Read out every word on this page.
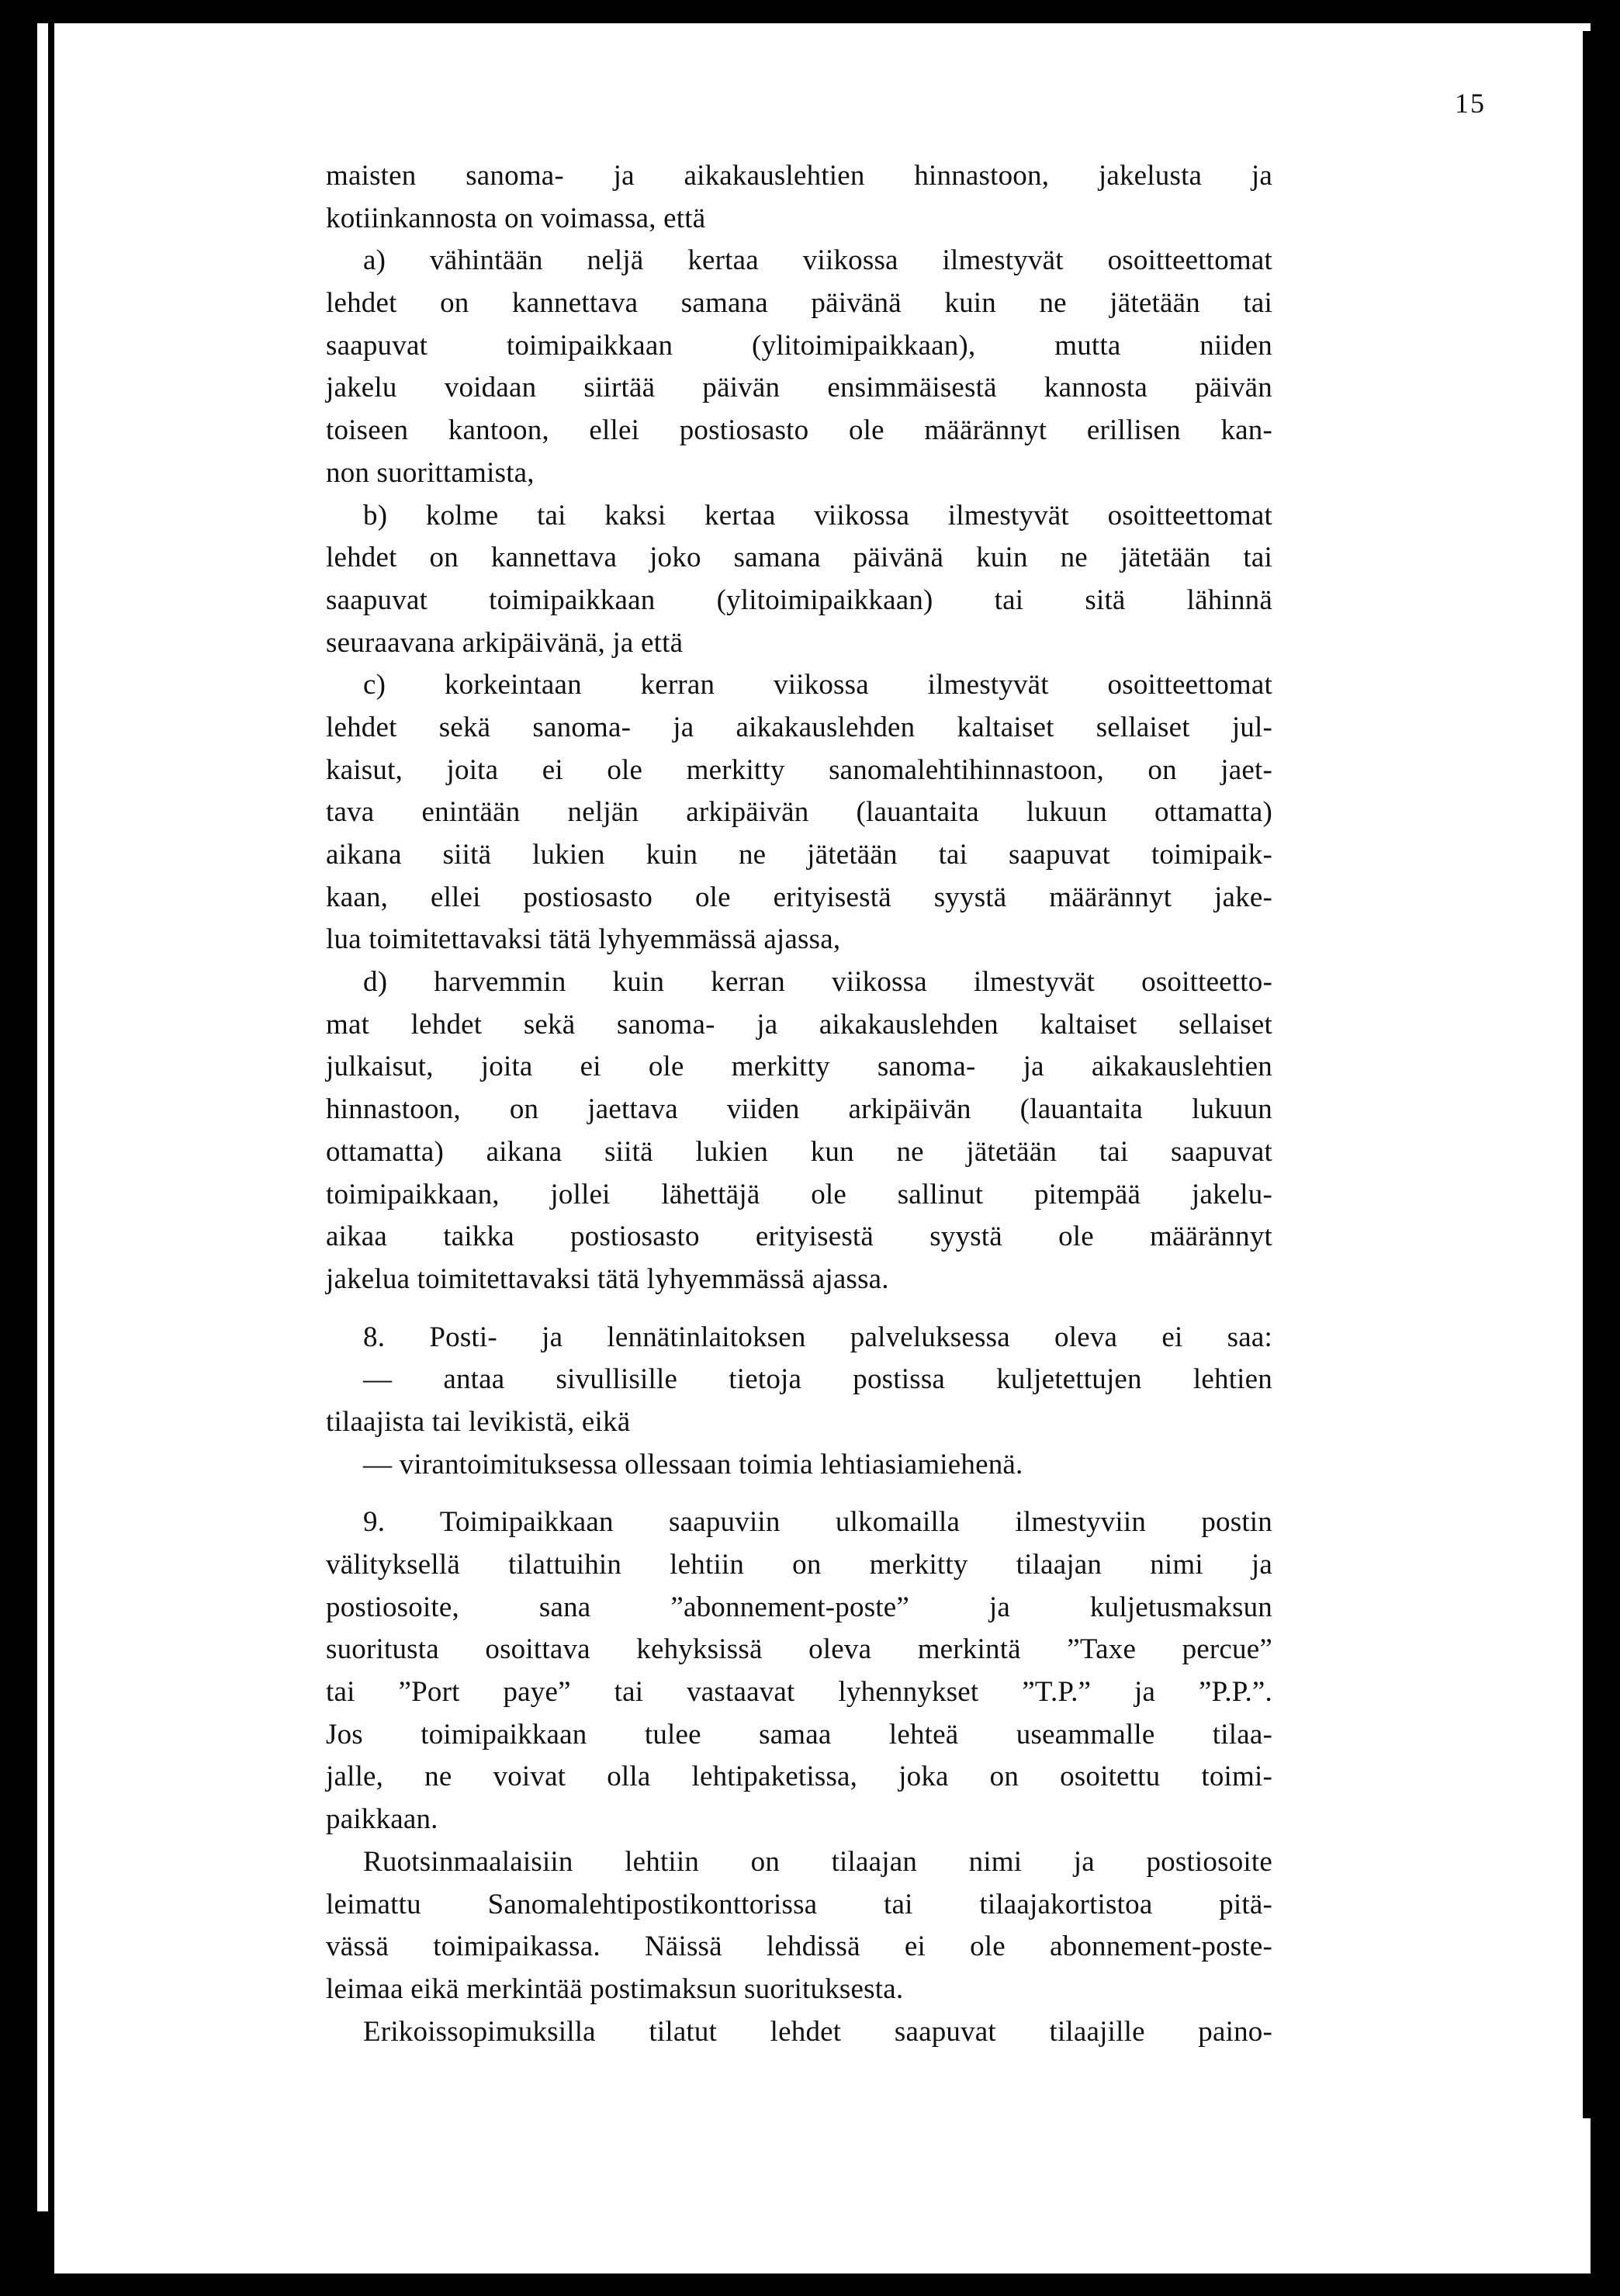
15
maisten sanoma- ja aikakauslehtien hinnastoon, jakelusta ja
kotiinkannosta on voimassa, että
a) vähintään neljä kertaa viikossa ilmestyvät osoitteettomat
lehdet on kannettava samana päivänä kuin ne jätetään tai
saapuvat toimipaikkaan (ylitoimipaikkaan), mutta niiden
jakelu voidaan siirtää päivän ensimmäisestä kannosta päivän
toiseen kantoon, ellei postiosasto ole määrännyt erillisen kan-
non suorittamista,
b) kolme tai kaksi kertaa viikossa ilmestyvät osoitteettomat
lehdet on kannettava joko samana päivänä kuin ne jätetään tai
saapuvat toimipaikkaan (ylitoimipaikkaan) tai sitä lähinnä
seuraavana arkipäivänä, ja että
c) korkeintaan kerran viikossa ilmestyvät osoitteettomat
lehdet sekä sanoma- ja aikakauslehden kaltaiset sellaiset jul-
kaisut, joita ei ole merkitty sanomalehtihinnastoon, on jaet-
tava enintään neljän arkipäivän (lauantaita lukuun ottamatta)
aikana siitä lukien kuin ne jätetään tai saapuvat toimipaik-
kaan, ellei postiosasto ole erityisestä syystä määrännyt jake-
lua toimitettavaksi tätä lyhyemmässä ajassa,
d) harvemmin kuin kerran viikossa ilmestyvät osoitteetto-
mat lehdet sekä sanoma- ja aikakauslehden kaltaiset sellaiset
julkaisut, joita ei ole merkitty sanoma- ja aikakauslehtien
hinnastoon, on jaettava viiden arkipäivän (lauantaita lukuun
ottamatta) aikana siitä lukien kun ne jätetään tai saapuvat
toimipaikkaan, jollei lähettäjä ole sallinut pitempää jakelu-
aikaa taikka postiosasto erityisestä syystä ole määrännyt
jakelua toimitettavaksi tätä lyhyemmässä ajassa.
8. Posti- ja lennätinlaitoksen palveluksessa oleva ei saa:
— antaa sivullisille tietoja postissa kuljetettujen lehtien
tilaajista tai levikistä, eikä
— virantoimituksessa ollessaan toimia lehtiasiamiehenä.
9. Toimipaikkaan saapuviin ulkomailla ilmestyviin postin
välityksellä tilattuihin lehtiin on merkitty tilaajan nimi ja
postiosoite, sana ”abonnement-poste” ja kuljetusmaksun
suoritusta osoittava kehyksissä oleva merkintä ”Taxe percue”
tai ”Port paye” tai vastaavat lyhennykset ”T.P.” ja ”P.P.”.
Jos toimipaikkaan tulee samaa lehteä useammalle tilaa-
jalle, ne voivat olla lehtipaketissa, joka on osoitettu toimi-
paikkaan.
Ruotsinmaalaisiin lehtiin on tilaajan nimi ja postiosoite
leimattu Sanomalehtipostikonttorissa tai tilaajakortistoa pitä-
vässä toimipaikassa. Näissä lehdissä ei ole abonnement-poste-
leimaa eikä merkintää postimaksun suorituksesta.
Erikoissopimuksilla tilatut lehdet saapuvat tilaajille paino-
